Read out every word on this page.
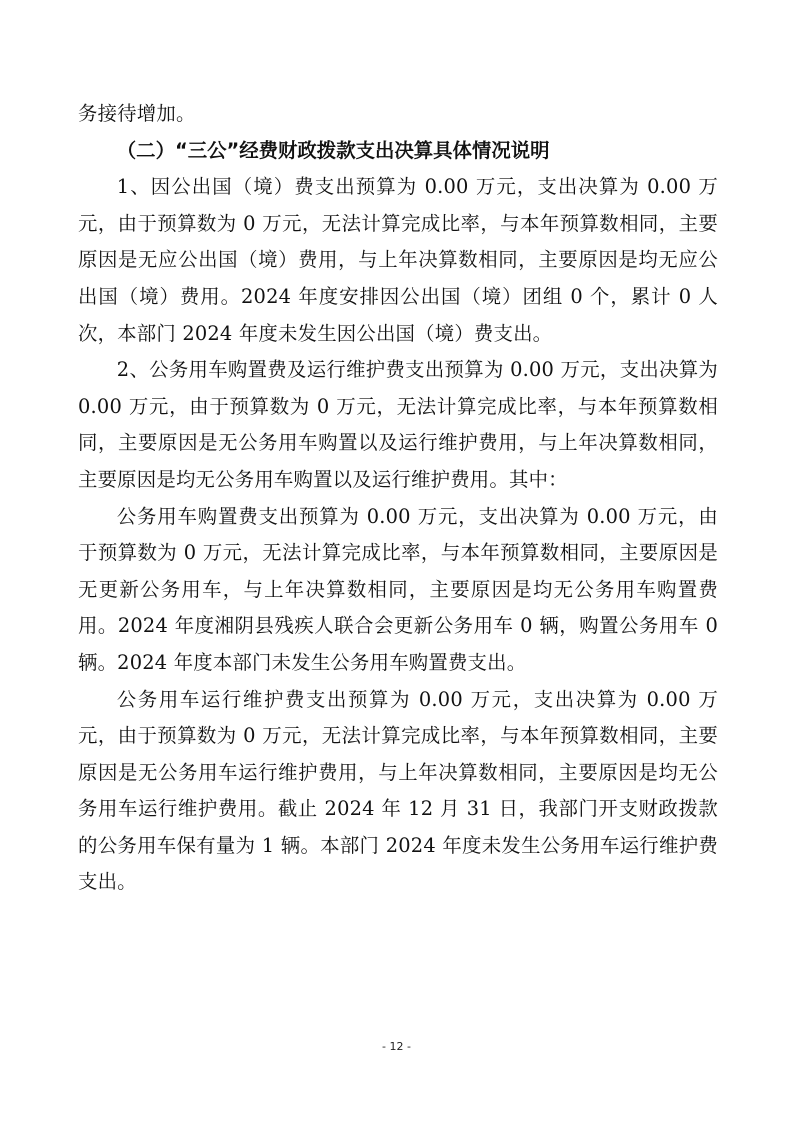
务接待增加。

（二）“三公”经费财政拨款支出决算具体情况说明

1、因公出国（境）费支出预算为 0.00 万元，支出决算为 0.00 万元，由于预算数为 0 万元，无法计算完成比率，与本年预算数相同，主要原因是无应公出国（境）费用，与上年决算数相同，主要原因是均无应公出国（境）费用。2024 年度安排因公出国（境）团组 0 个，累计 0 人次，本部门 2024 年度未发生因公出国（境）费支出。

2、公务用车购置费及运行维护费支出预算为 0.00 万元，支出决算为 0.00 万元，由于预算数为 0 万元，无法计算完成比率，与本年预算数相同，主要原因是无公务用车购置以及运行维护费用，与上年决算数相同，主要原因是均无公务用车购置以及运行维护费用。其中：

公务用车购置费支出预算为 0.00 万元，支出决算为 0.00 万元，由于预算数为 0 万元，无法计算完成比率，与本年预算数相同，主要原因是无更新公务用车，与上年决算数相同，主要原因是均无公务用车购置费用。2024 年度湘阴县残疾人联合会更新公务用车 0 辆，购置公务用车 0 辆。2024 年度本部门未发生公务用车购置费支出。

公务用车运行维护费支出预算为 0.00 万元，支出决算为 0.00 万元，由于预算数为 0 万元，无法计算完成比率，与本年预算数相同，主要原因是无公务用车运行维护费用，与上年决算数相同，主要原因是均无公务用车运行维护费用。截止 2024 年 12 月 31 日，我部门开支财政拨款的公务用车保有量为 1 辆。本部门 2024 年度未发生公务用车运行维护费支出。

- 12 -
